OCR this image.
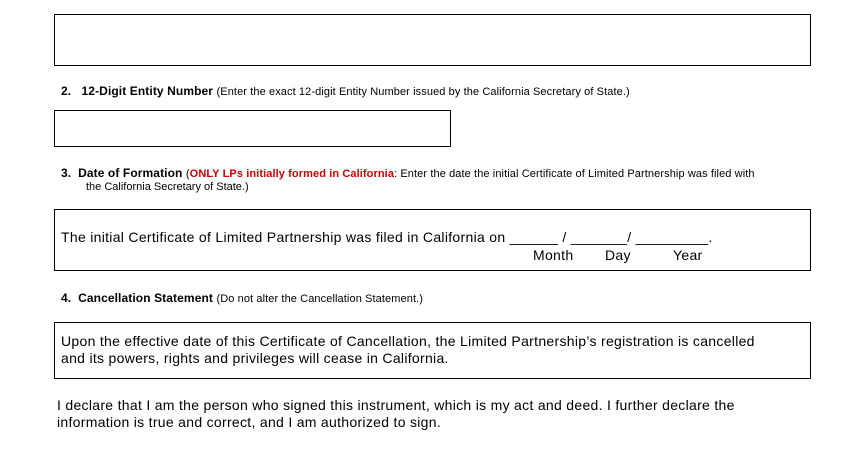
2. 12-Digit Entity Number (Enter the exact 12-digit Entity Number issued by the California Secretary of State.)
3. Date of Formation (ONLY LPs initially formed in California: Enter the date the initial Certificate of Limited Partnership was filed with
the California Secretary of State.)
The initial Certificate of Limited Partnership was filed in California on ______ / _______/ _________.
Month Day	Year
4. Cancellation Statement (Do not alter the Cancellation Statement.)
Upon the effective date of this Certificate of Cancellation, the Limited Partnership’s registration is cancelled
and its powers, rights and privileges will cease in California.
I declare that I am the person who signed this instrument, which is my act and deed. I further declare the
information is true and correct, and I am authorized to sign.
